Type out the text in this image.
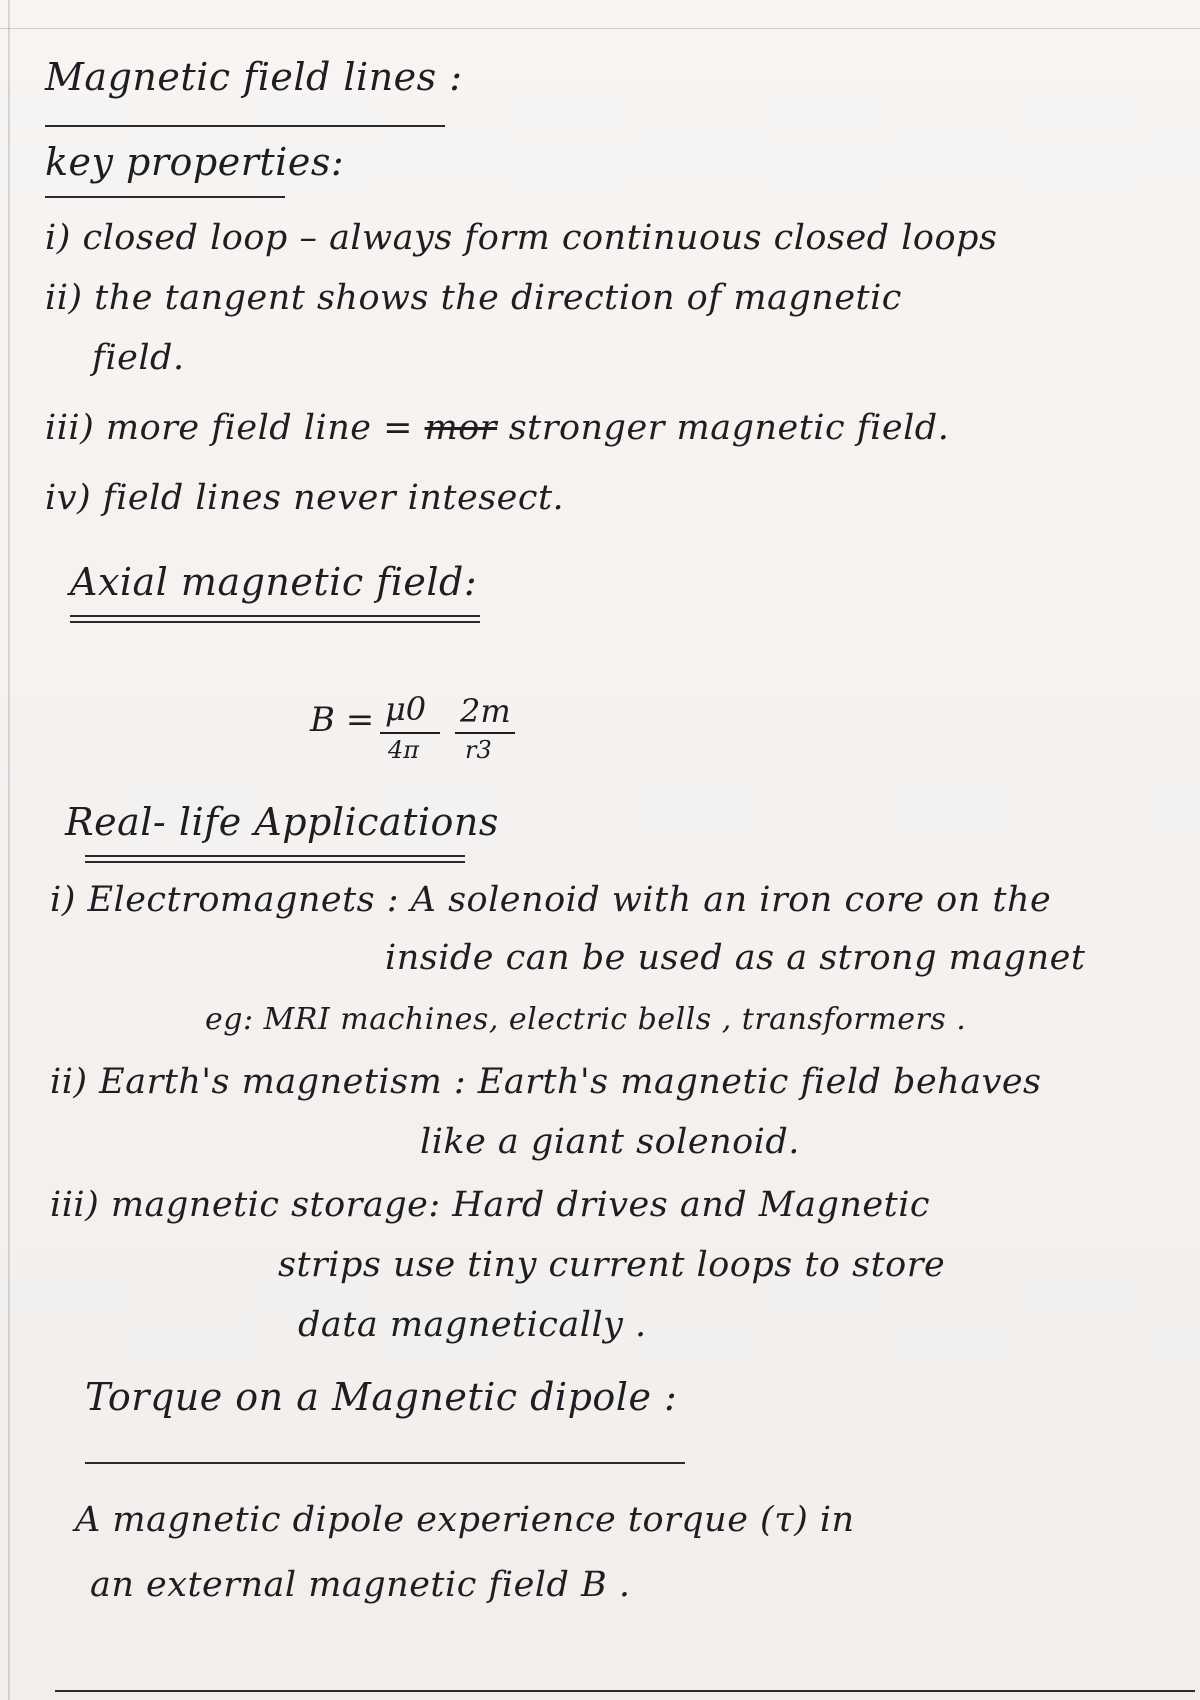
Magnetic field lines :
key properties:
i) closed loop – always form continuous closed loops
ii) the tangent shows the direction of magnetic
field.
iii) more field line = mor stronger magnetic field.
iv) field lines never intesect.
Axial magnetic field:
B = μ0
4π
2m
r3
Real- life Applications
i) Electromagnets : A solenoid with an iron core on the
inside can be used as a strong magnet
eg: MRI machines, electric bells , transformers .
ii) Earth's magnetism : Earth's magnetic field behaves
like a giant solenoid.
iii) magnetic storage: Hard drives and Magnetic
strips use tiny current loops to store
data magnetically .
Torque on a Magnetic dipole :
A magnetic dipole experience torque (τ) in
an external magnetic field B .
